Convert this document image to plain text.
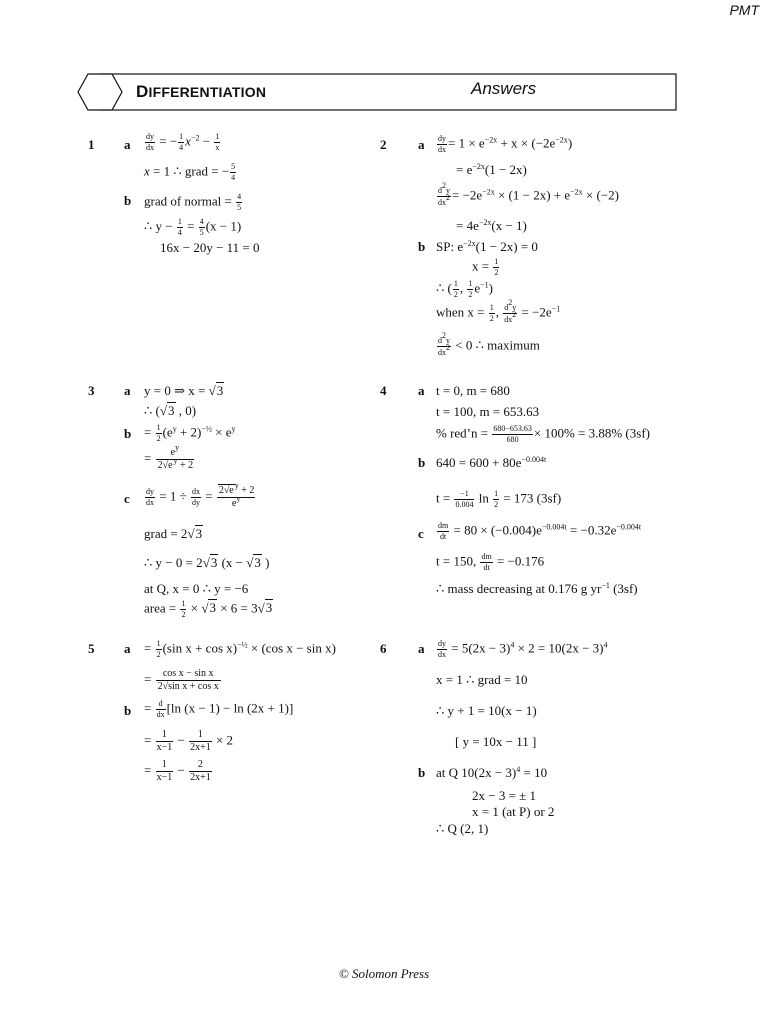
PMT
DIFFERENTIATION	Answers
1 a $\frac{dy}{dx}$ = − $\frac{1}{4} x^{-2} - \frac{1}{x}$
x = 1 ∴ grad = − $\frac{5}{4}$
b grad of normal = $\frac{4}{5}$
∴ $y - \frac{1}{4} = \frac{4}{5} (x - 1)$
16x − 20y − 11 = 0
2 a $\frac{dy}{dx} = 1 \times e^{-2x} + x \times (-2e^{-2x})$
= $e^{-2x}(1 - 2x)$
$\frac{d^2y}{dx^2} = -2e^{-2x} \times (1 - 2x) + e^{-2x} \times (-2)$
= $4e^{-2x}(x - 1)$
b SP: $e^{-2x}(1 - 2x) = 0$
$x = \frac{1}{2}$
∴ ( $\frac{1}{2}$ , $\frac{1}{2} e^{-1}$)
when $x = \frac{1}{2}$ , $\frac{d^2y}{dx^2} = -2e^{-1}$
$\frac{d^2y}{dx^2} < 0$ ∴ maximum
3 a y = 0 ⇒ x = √3
∴ (√3 , 0)
$b = \frac{1}{2} (e^y + 2)^{-\frac{1}{2}} \times e^y$
= $\frac{e^y}{2√e^y + 2}$
c $\frac{dy}{dx} = 1 \div \frac{dx}{dy} = \frac{2√e^y + 2}{e^y}$
grad = 2√3
∴ y − 0 = 2√3 (x − √3 )
at Q, x = 0 ∴ y = −6
area = $\frac{1}{2} \times √3 \times 6 = 3√3$
4 a t = 0, m = 680
t = 100, m = 653.63
% red’n = $\frac{680-653.63}{680} \times 100\% = 3.88\%$ (3sf)
b $640 = 600 + 80e^{-0.004t}$
$t = \frac{-1}{0.004}$ $\ln \frac{1}{2} = 173$ (3sf)
c $\frac{dm}{dt} = 80 \times (-0.004)e^{-0.004t} = -0.32e^{-0.004t}$
t = 150, $\frac{dm}{dt} = -0.176$
∴ mass decreasing at 0.176 g $yr^{-1}$ (3sf)
5 $a = \frac{1}{2} (\sin$ x + cos x)$^{-\frac{1}{2}}$ × (cos x − sin x)
= $\frac{\text{cos x − sin x}}{\text{2√sin x + cos x}}$
$b = \frac{d}{dx} [\ln$ (x − 1) − ln (2x + 1)]
= $\frac{1}{x-1} - \frac{1}{2x+1} \times 2$
= $\frac{1}{x-1} - \frac{2}{2x+1}$
6 a $\frac{dy}{dx} = 5(2x - 3)^4 \times 2 = 10(2x - 3)^4$
x = 1 ∴ grad = 10
∴ y + 1 = 10(x − 1)
[ y = 10x − 11 ]
b at Q $10(2x - 3)^4 = 10$
2x − 3 = ± 1
x = 1 (at P) or 2
∴ Q (2, 1)
© Solomon Press
